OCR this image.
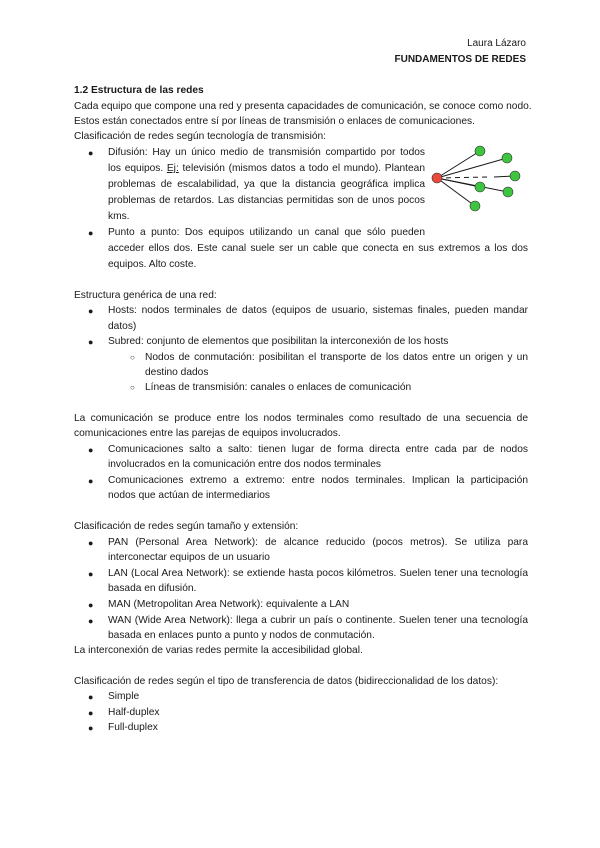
Laura Lázaro
FUNDAMENTOS DE REDES
1.2 Estructura de las redes
Cada equipo que compone una red y presenta capacidades de comunicación, se conoce como nodo.
Estos están conectados entre sí por líneas de transmisión o enlaces de comunicaciones.
Clasificación de redes según tecnología de transmisión:
● Difusión: Hay un único medio de transmisión compartido por todos
los equipos. Ej: televisión (mismos datos a todo el mundo). Plantean
problemas de escalabilidad, ya que la distancia geográfica implica
problemas de retardos. Las distancias permitidas son de unos pocos
kms.
● Punto a punto: Dos equipos utilizando un canal que sólo pueden
acceder ellos dos. Este canal suele ser un cable que conecta en sus extremos a los dos
equipos. Alto coste.
Estructura genérica de una red:
● Hosts: nodos terminales de datos (equipos de usuario, sistemas finales, pueden mandar
datos)
● Subred: conjunto de elementos que posibilitan la interconexión de los hosts
○ Nodos de conmutación: posibilitan el transporte de los datos entre un origen y un
destino dados
○ Líneas de transmisión: canales o enlaces de comunicación
La comunicación se produce entre los nodos terminales como resultado de una secuencia de
comunicaciones entre las parejas de equipos involucrados.
● Comunicaciones salto a salto: tienen lugar de forma directa entre cada par de nodos
involucrados en la comunicación entre dos nodos terminales
● Comunicaciones extremo a extremo: entre nodos terminales. Implican la participación
nodos que actúan de intermediarios
Clasificación de redes según tamaño y extensión:
● PAN (Personal Area Network): de alcance reducido (pocos metros). Se utiliza para
interconectar equipos de un usuario
● LAN (Local Area Network): se extiende hasta pocos kilómetros. Suelen tener una tecnología
basada en difusión.
● MAN (Metropolitan Area Network): equivalente a LAN
● WAN (Wide Area Network): llega a cubrir un país o continente. Suelen tener una tecnología
basada en enlaces punto a punto y nodos de conmutación.
La interconexión de varias redes permite la accesibilidad global.
Clasificación de redes según el tipo de transferencia de datos (bidireccionalidad de los datos):
● Simple
● Half-duplex
● Full-duplex
